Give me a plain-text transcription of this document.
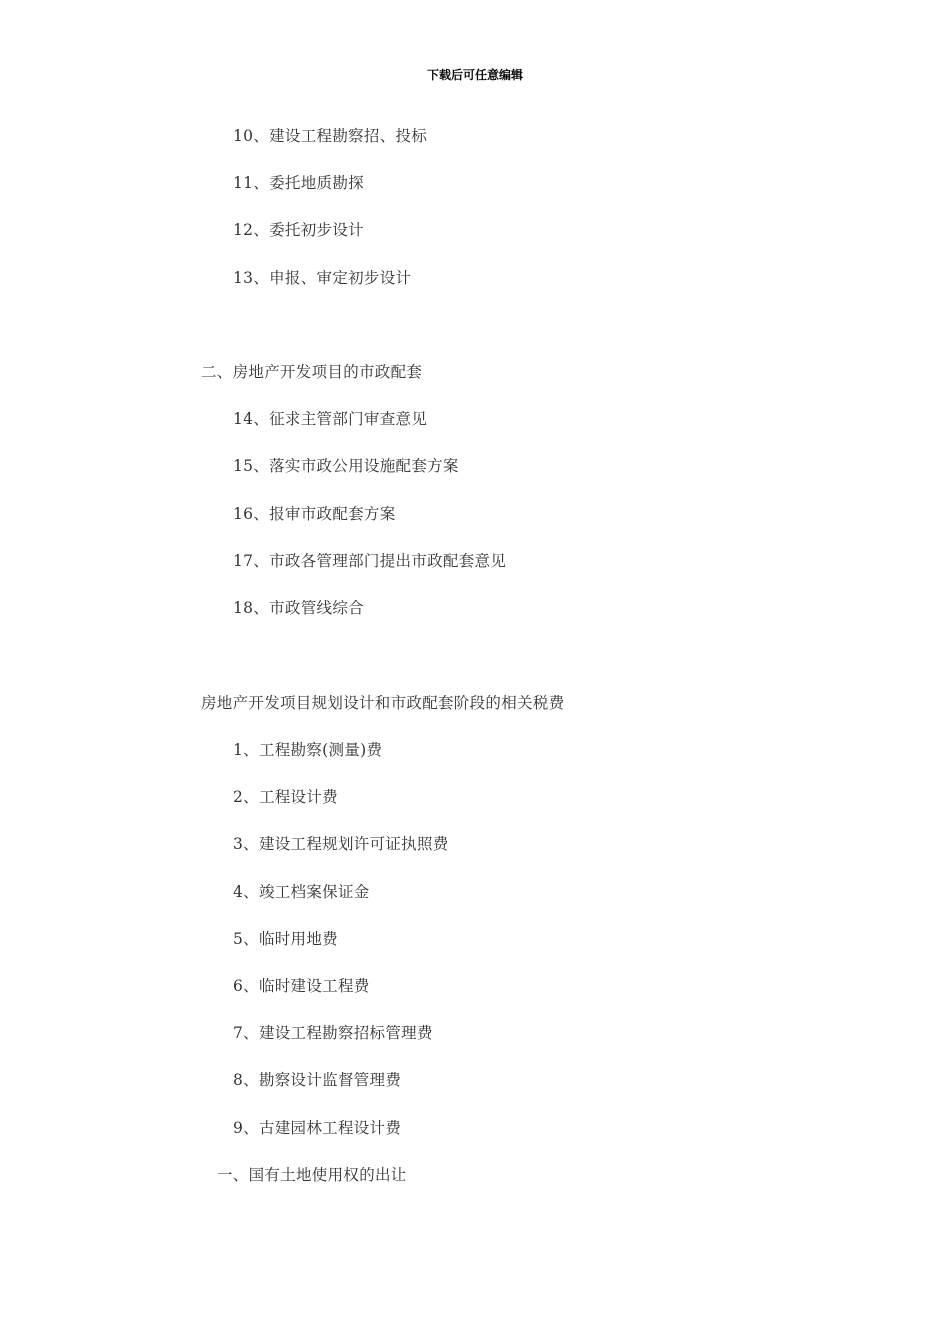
下载后可任意编辑
10、建设工程勘察招、投标
11、委托地质勘探
12、委托初步设计
13、申报、审定初步设计
二、房地产开发项目的市政配套
14、征求主管部门审查意见
15、落实市政公用设施配套方案
16、报审市政配套方案
17、市政各管理部门提出市政配套意见
18、市政管线综合
房地产开发项目规划设计和市政配套阶段的相关税费
1、工程勘察(测量)费
2、工程设计费
3、建设工程规划许可证执照费
4、竣工档案保证金
5、临时用地费
6、临时建设工程费
7、建设工程勘察招标管理费
8、勘察设计监督管理费
9、古建园林工程设计费
一、国有土地使用权的出让
